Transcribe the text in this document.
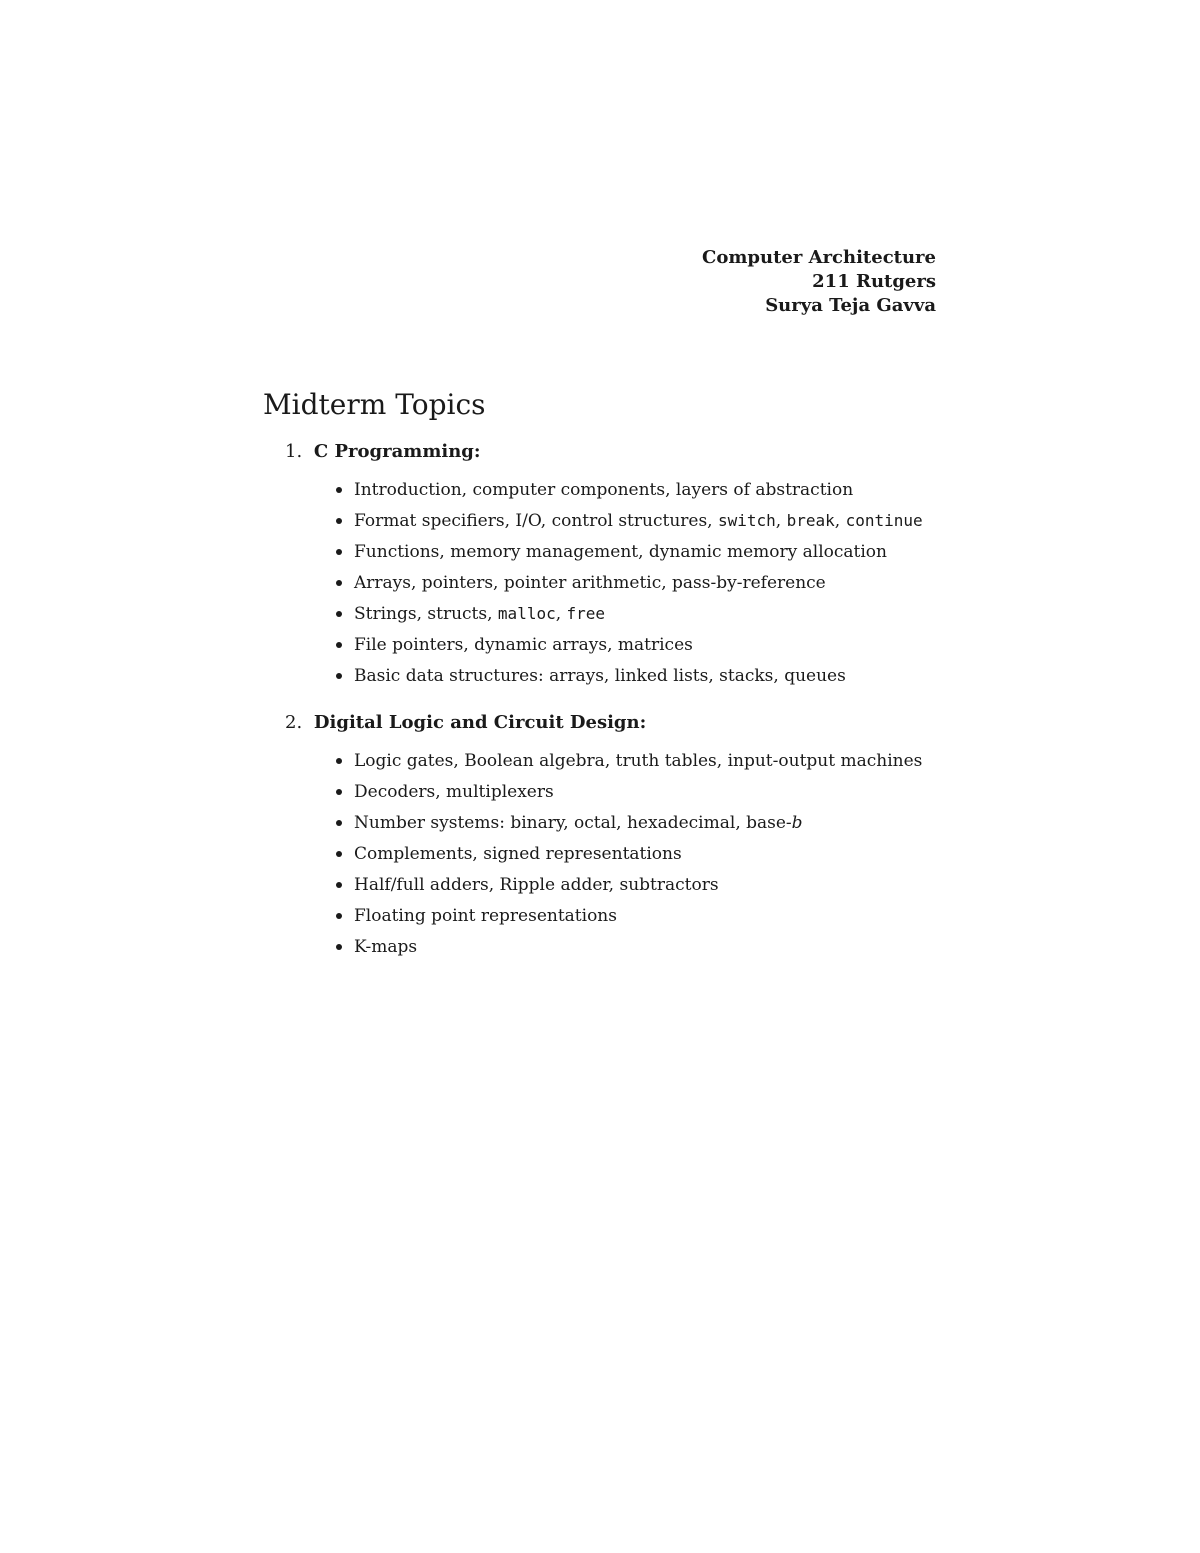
Computer Architecture
211 Rutgers
Surya Teja Gavva
Midterm Topics
1. C Programming:
Introduction, computer components, layers of abstraction
Format specifiers, I/O, control structures, switch, break, continue
Functions, memory management, dynamic memory allocation
Arrays, pointers, pointer arithmetic, pass-by-reference
Strings, structs, malloc, free
File pointers, dynamic arrays, matrices
Basic data structures: arrays, linked lists, stacks, queues
2. Digital Logic and Circuit Design:
Logic gates, Boolean algebra, truth tables, input-output machines
Decoders, multiplexers
Number systems: binary, octal, hexadecimal, base-b
Complements, signed representations
Half/full adders, Ripple adder, subtractors
Floating point representations
K-maps
